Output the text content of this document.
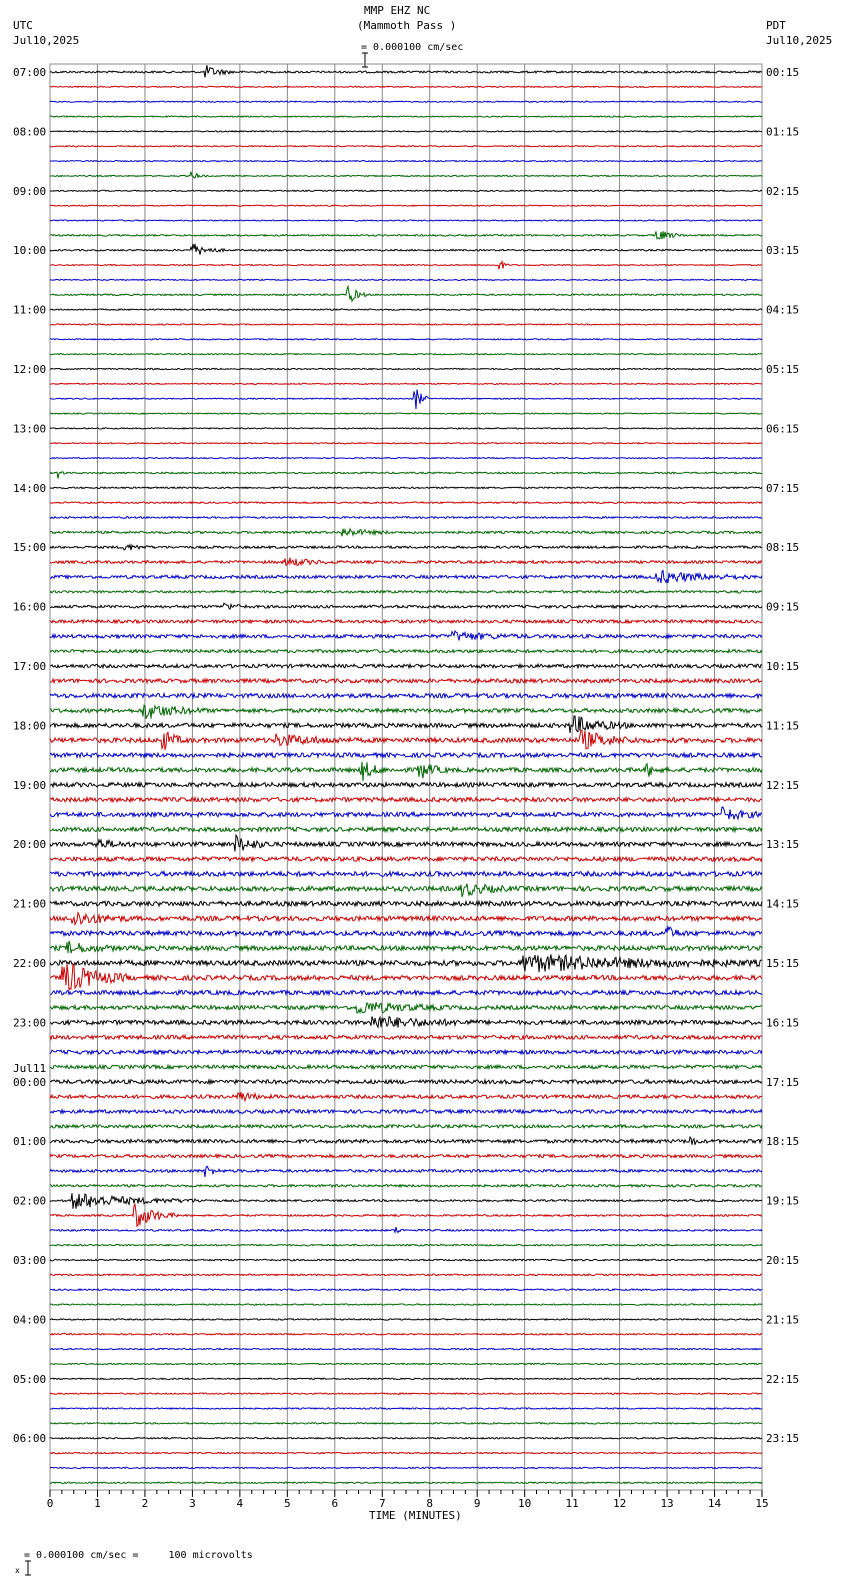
MMP EHZ NC
(Mammoth Pass )

= 0.000100 cm/sec
UTC
Jul10,2025
PDT
Jul10,2025
07:00
08:00
09:00
10:00
11:00
12:00
13:00
14:00
15:00
16:00
17:00
18:00
19:00
20:00
21:00
22:00
23:00
00:00
01:00
02:00
03:00
04:00
05:00
06:00
Jul11
00:15
01:15
02:15
03:15
04:15
05:15
06:15
07:15
08:15
09:15
10:15
11:15
12:15
13:15
14:15
15:15
16:15
17:15
18:15
19:15
20:15
21:15
22:15
23:15
0	1	2	3	4	5	6	7	8	9	10	11	12	13	14	15
TIME (MINUTES)

x

= 0.000100 cm/sec =     100 microvolts
